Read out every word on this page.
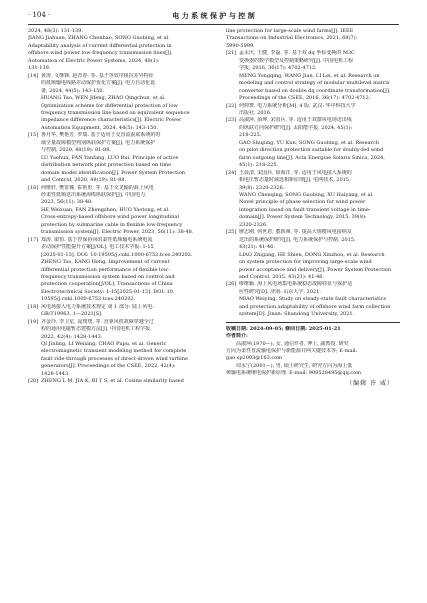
· 104 ·	电 力 系 统 保 护 与 控 制
2024, 48(3): 131-139.
JIANG Jiahuan, ZHANG Chenhao, SONG Guobing, et al.
Adaptability analysis of current differential protection in
offshore wind power low-frequency transmission lines[J].
Automation of Electric Power Systems, 2024, 48(1):
131-139.
[14] 黄涛, 文继锋, 赵青春, 等. 基于等效序阻抗差异特征
的低频输电线路差动保护优化方案[J]. 电力自动化设
备, 2024, 44(5): 143-150.
HUANG Tao, WEN Jifeng, ZHAO Qingchun, et al.
Optimization scheme for differential protection of low
frequency transmission line based on equivalent sequence
impedance difference characteristics[J]. Electric Power
Automation Equipment, 2024, 44(5): 143-150.
[15] 鲁月华, 樊艳芳, 罗瑞. 基于适用于交直流混联系统的时
域全量故障模型判别纵联保护方案[J]. 电力系统保护
与控制, 2020, 48(19): 81-88.
LU Yuehua, FAN Yanfang, LUO Rui. Principle of active
distribution network pilot protection based on time
domain model identification[J]. Power System Protection
and Control, 2020, 48(19): 81-88.
[16] 何维轩, 樊征臻, 霍艳彤, 等. 基于交叉输的海上风电
经柔性低频送出系统海缆纵联保护[J]. 中国电力,
2023, 56(11): 38-48.
HE Weixuan, FAN Zhengzhen, HUO Yaotong, et al.
Cross-entropy-based offshore wind power longitudinal
protection by submarine cable in flexible low-frequency
transmission system[J]. Electric Power, 2023, 56(11): 38-48.
[17] 郑涛, 康恒. 基于控保协同的柔性低频输电系统电流
差动保护性能提升方案[J/OL]. 电工技术学报: 1-15
[2025-01-13]. DOI: 10.19595/j.cnki.1000-6753.tces.240202.
ZHENG Tao, KANG Heng. Improvement of current
differential protection performance of flexible low-
frequency transmission system based on control and
protection cooperation[J/OL]. Transactions of China
Electrotechnical Society: 1-15[2025-01-13]. DOI: 10.
19595/j.cnki.1000-6753.tces.240202.
[18] 风电场接入电力系统技术规定 第 1 部分: 陆上风电:
GB/T19963. 1—2021[S].
[19] 齐金玲, 李卫星, 晁璞璞, 等. 直驱风机故障穿越全过
程的通用电磁暂态建模方法[J]. 中国电机工程学报,
2022, 42(4): 1428-1443.
QI Jinling, LI Weixing, CHAO Pupu, et al. Generic
electromagnetic transient modeling method for complete
fault ride-through processes of direct-driven wind turbine
generators[J]. Proceedings of the CSEE, 2022, 42(4):
1428-1443.
[20] ZHENG L M, JIA K, BI T S, et al. Cosine similarity based
line protection for large-scale wind farms[J]. IEEE
Transactions on Industrial Electronics, 2021, 68(7):
5990-5999.
[21] 孟永庆, 王健, 李磊, 等. 基于双 dq 坐标变换的 M3C
变换器的数学模型及控制策略研究[J]. 中国电机工程
学报, 2016, 36(17): 4702-4712.
MENG Yongqing, WANG Jian, LI Lei, et al. Research on
modeling and control strategy of modular multilevel matrix
converter based on double dq coordinate transformation[J].
Proceedings of the CSEE, 2016, 36(17): 4702-4712.
[22] 何仰赞. 电力系统分析[M]. 4 版. 武汉: 华中科技大学
出版社, 2016.
[23] 高淑萍, 俞坤, 宋国兵, 等. 适用于双馈风电场送出线
的纵联方向保护研究[J]. 太阳能学报, 2024, 45(1):
218-225.
GAO Shuping, YU Kun, SONG Guobing, et al. Research
on pilot direction protection suitable for doubly-fed wind
farm outgoing line[J]. Acta Energiae Solaris Sinica, 2024,
45(1): 218-225.
[24] 王晨清, 宋国兵, 徐海洋, 等. 适用于风电接入系统的
相电压暂态量时域选相新原理[J]. 电网技术, 2015,
39(8): 2320-2326.
WANG Chenqing, SONG Guobing, XU Haiyang, et al.
Novel principle of phase selection for wind power
integration based on fault transient voltage in time-
domain[J]. Power System Technology, 2015, 39(8):
2320-2326.
[25] 廖志刚, 何世恩, 董新洲, 等. 提高大规模风电接纳及
送出的系统保护研究[J]. 电力系统保护与控制, 2015,
43(21): 41-46.
LIAO Zhigang, HE Shien, DONG Xinzhou, et al. Research
on system protection for improving large-scale wind
power acceptance and delivery[J]. Power System Protection
and Control, 2015, 43(21): 41-46.
[26] 缪维颖. 海上风电场集电系统稳态故障特征与保护适
应性研究[D]. 济南: 山东大学, 2021.
MIAO Weiying. Study on steady-state fault characteristics
and protection adaptability of offshore wind farm collection
system[D]. Jinan: Shandong University, 2021.
收稿日期: 2024-09-05; 修回日期: 2025-01-21
作者简介:
高淑萍(1970—), 女, 通信作者, 博士, 副教授, 研究
方向为柔性直流输电保护与新能源并网关键技术等; E-mail:
gao sp2003@163.com
周永宁(2001—), 男, 硕士研究生, 研究方向为海上低
频输电系统继电保护新原理. E-mail: 909528495@qq.com
（编辑 许 威）
